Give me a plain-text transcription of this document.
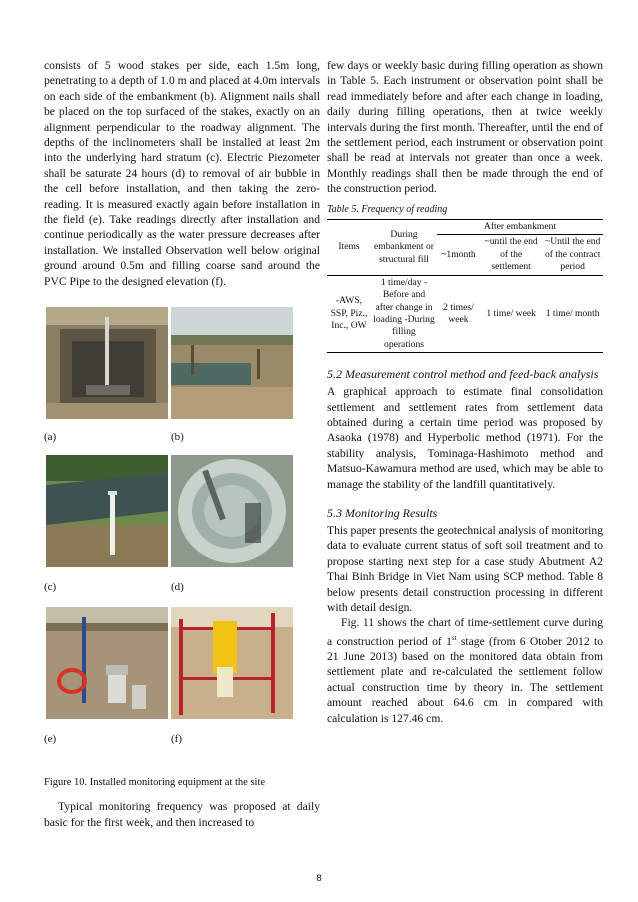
consists of 5 wood stakes per side, each 1.5m long, penetrating to a depth of 1.0 m and placed at 4.0m intervals on each side of the embankment (b). Alignment nails shall be placed on the top surfaced of the stakes, exactly on an alignment perpendicular to the roadway alignment. The depths of the inclinometers shall be installed at least 2m into the underlying hard stratum (c). Electric Piezometer shall be saturate 24 hours (d) to removal of air bubble in the cell before installation, and then taking the zero-reading. It is measured exactly again before installation in the field (e). Take readings directly after installation and continue periodically as the water pressure decreases after installation. We installed Observation well below original ground around 0.5m and filling coarse sand around the PVC Pipe to the designed elevation (f).

(a)	(b)
(c)	(d)
(e)	(f)

Figure 10. Installed monitoring equipment at the site

Typical monitoring frequency was proposed at daily basic for the first week, and then increased to

few days or weekly basic during filling operation as shown in Table 5. Each instrument or observation point shall be read immediately before and after each change in loading, daily during filling operations, then at twice weekly intervals during the first month. Thereafter, until the end of the settlement period, each instrument or observation point shall be read at intervals not greater than once a week. Monthly readings shall then be made through the end of the construction period.

Table 5. Frequency of reading

Items	During embankment or structural fill	After embankment		
		~1month	~until the end of the settlement	~Until the end of the contract period
-AWS, SSP, Piz., Inc., OW	1 time/day -Before and after change in loading -During filling operations	2 times/ week	1 time/ week	1 time/ month
5.2 Measurement control method and feed-back analysis

A graphical approach to estimate final consolidation settlement and settlement rates from settlement data obtained during a certain time period was proposed by Asaoka (1978) and Hyperbolic method (1971). For the stability analysis, Tominaga-Hashimoto method and Matsuo-Kawamura method are used, which may be able to manage the stability of the landfill quantitatively.

5.3 Monitoring Results

This paper presents the geotechnical analysis of monitoring data to evaluate current status of soft soil treatment and to propose starting next step for a case study Abutment A2 Thai Binh Bridge in Viet Nam using SCP method. Table 8 below presents detail construction processing in different with detail design.

Fig. 11 shows the chart of time-settlement curve during a construction period of 1st stage (from 6 Otober 2012 to 21 June 2013) based on the monitored data obtain from settlement plate and re-calculated the settlement follow actual construction time by theory in. The settlement amount reached about 64.6 cm in compared with calculation is 127.46 cm.

8
